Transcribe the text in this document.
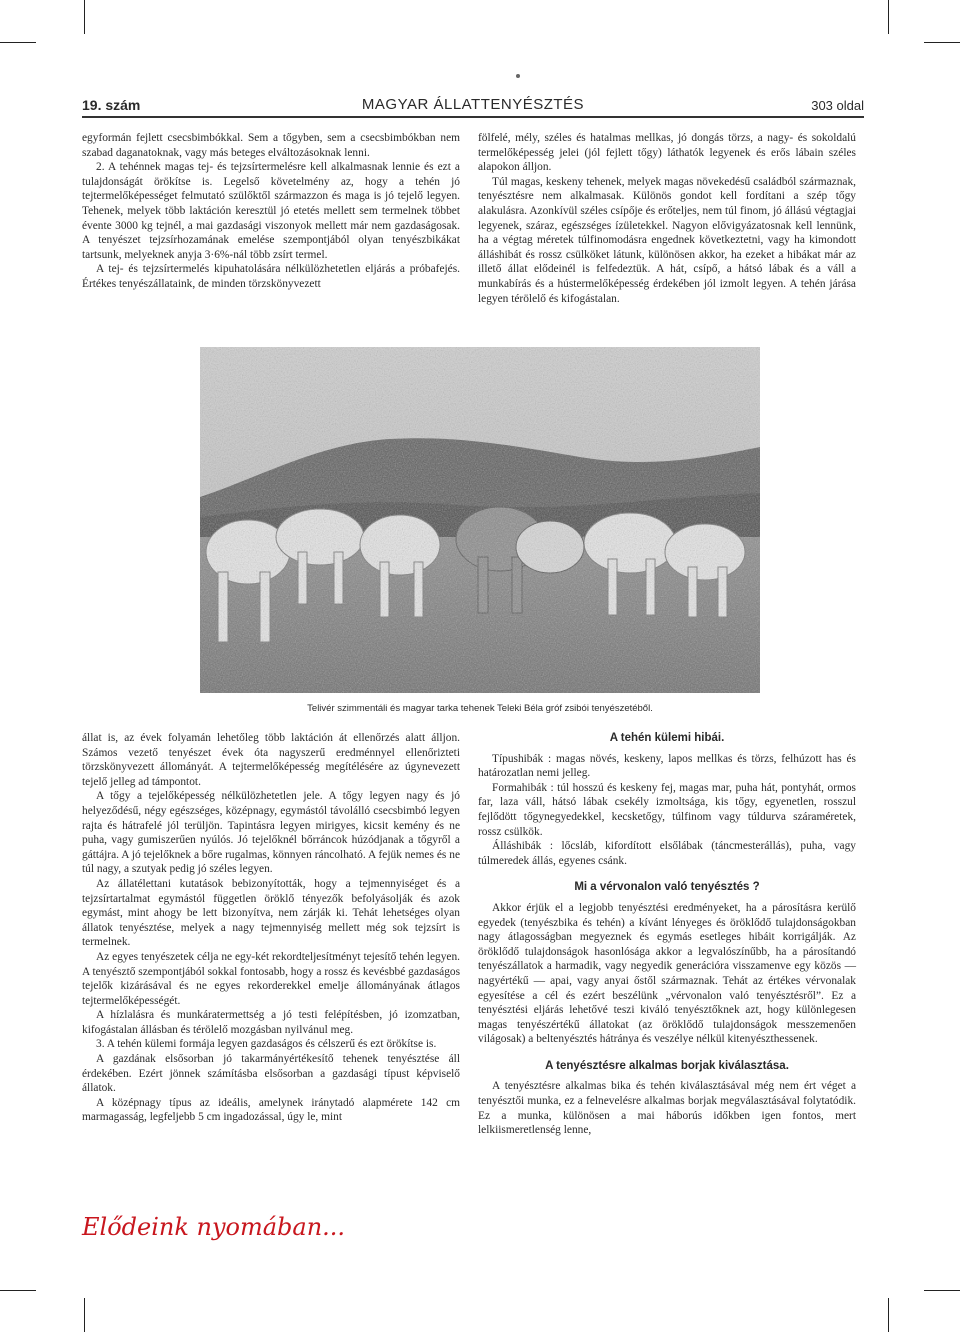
19. szám	MAGYAR ÁLLATTENYÉSZTÉS	303 oldal

egyformán fejlett csecsbimbókkal. Sem a tőgyben, sem a csecsbimbókban nem szabad daganatoknak, vagy más beteges elváltozásoknak lenni.

2. A tehénnek magas tej- és tejzsírtermelésre kell alkalmasnak lennie és ezt a tulajdonságát örökítse is. Legelső követelmény az, hogy a tehén jó tejtermelőképességet felmutató szülőktől származzon és maga is jó tejelő legyen. Tehenek, melyek több laktáción keresztül jó etetés mellett sem termelnek többet évente 3000 kg tejnél, a mai gazdasági viszonyok mellett már nem gazdaságosak. A tenyészet tejzsírhozamának emelése szempontjából olyan tenyészbikákat tartsunk, melyeknek anyja 3·6%-nál több zsírt termel.

A tej- és tejzsírtermelés kipuhatolására nélkülözhetetlen eljárás a próbafejés. Értékes tenyészállataink, de minden törzskönyvezett

fölfelé, mély, széles és hatalmas mellkas, jó dongás törzs, a nagy- és sokoldalú termelőképesség jelei (jól fejlett tőgy) láthatók legyenek és erős lábain széles alapokon álljon.

Túl magas, keskeny tehenek, melyek magas növekedésű családból származnak, tenyésztésre nem alkalmasak. Különös gondot kell fordítani a szép tőgy alakulásra. Azonkívül széles csípője és erőteljes, nem túl finom, jó állású végtagjai legyenek, száraz, egészséges ízületekkel. Nagyon elővigyázatosnak kell lennünk, ha a végtag méretek túlfinomodásra engednek következtetni, vagy ha kimondott álláshibát és rossz csülköket látunk, különösen akkor, ha ezeket a hibákat már az illető állat elődeinél is felfedeztük. A hát, csípő, a hátsó lábak és a váll a munkabírás és a hústermelőképesség érdekében jól izmolt legyen. A tehén járása legyen térölelő és kifogástalan.

Telivér szimmentáli és magyar tarka tehenek Teleki Béla gróf zsibói tenyészetéből.

állat is, az évek folyamán lehetőleg több laktáción át ellenőrzés alatt álljon. Számos vezető tenyészet évek óta nagyszerű eredménnyel ellenőrizteti törzskönyvezett állományát. A tejtermelőképesség megítélésére az úgynevezett tejelő jelleg ad támpontot.

A tőgy a tejelőképesség nélkülözhetetlen jele. A tőgy legyen nagy és jó helyeződésű, négy egészséges, középnagy, egymástól távolálló csecsbimbó legyen rajta és hátrafelé jól terüljön. Tapintásra legyen mirigyes, kicsit kemény és ne puha, vagy gumiszerűen nyúlós. Jó tejelőknél bőrráncok húzódjanak a tőgyről a gáttájra. A jó tejelőknek a bőre rugalmas, könnyen ráncolható. A fejük nemes és ne túl nagy, a szutyak pedig jó széles legyen.

Az állatélettani kutatások bebizonyították, hogy a tejmennyiséget és a tejzsírtartalmat egymástól független öröklő tényezők befolyásolják és azok egymást, mint ahogy be lett bizonyítva, nem zárják ki. Tehát lehetséges olyan állatok tenyésztése, melyek a nagy tejmennyiség mellett még sok tejzsírt is termelnek.

Az egyes tenyészetek célja ne egy-két rekordteljesítményt tejesítő tehén legyen. A tenyésztő szempontjából sokkal fontosabb, hogy a rossz és kevésbbé gazdaságos tejelők kizárásával és ne egyes rekorderekkel emelje állományának átlagos tejtermelőképességét.

A hízlalásra és munkáratermettség a jó testi felépítésben, jó izomzatban, kifogástalan állásban és térölelő mozgásban nyilvánul meg.

3. A tehén külemi formája legyen gazdaságos és célszerű és ezt örökítse is.

A gazdának elsősorban jó takarmányértékesítő tehenek tenyésztése áll érdekében. Ezért jönnek számításba elsősorban a gazdasági típust képviselő állatok.

A középnagy típus az ideális, amelynek iránytadó alapmérete 142 cm marmagasság, legfeljebb 5 cm ingadozással, úgy le, mint

A tehén külemi hibái.

Típushibák : magas növés, keskeny, lapos mellkas és törzs, felhúzott has és határozatlan nemi jelleg.

Formahibák : túl hosszú és keskeny fej, magas mar, puha hát, pontyhát, ormos far, laza váll, hátsó lábak csekély izmoltsága, kis tőgy, egyenetlen, rosszul fejlődött tőgynegyedekkel, kecsketőgy, túlfinom vagy túldurva száraméretek, rossz csülkök.

Álláshibák : lőcsláb, kifordított elsőlábak (táncmesterállás), puha, vagy túlmeredek állás, egyenes csánk.

Mi a vérvonalon való tenyésztés ?

Akkor érjük el a legjobb tenyésztési eredményeket, ha a párosításra kerülő egyedek (tenyészbika és tehén) a kívánt lényeges és öröklődő tulajdonságokban nagy átlagosságban megyeznek és egymás esetleges hibáit korrigálják. Az öröklődő tulajdonságok hasonlósága akkor a legvalószínűbb, ha a párosítandó tenyészállatok a harmadik, vagy negyedik generációra visszamenve egy közös — nagyértékű — apai, vagy anyai őstől származnak. Tehát az értékes vérvonalak egyesítése a cél és ezért beszélünk „vérvonalon való tenyésztésről”. Ez a tenyésztési eljárás lehetővé teszi kiváló tenyésztőknek azt, hogy különlegesen magas tenyészértékű állatokat (az öröklődő tulajdonságok messzemenően világosak) a beltenyésztés hátránya és veszélye nélkül kitenyészthessenek.

A tenyésztésre alkalmas borjak kiválasztása.

A tenyésztésre alkalmas bika és tehén kiválasztásával még nem ért véget a tenyésztői munka, ez a felnevelésre alkalmas borjak megválasztásával folytatódik. Ez a munka, különösen a mai háborús időkben igen fontos, mert lelkiismeretlenség lenne,

Elődeink nyomában...
